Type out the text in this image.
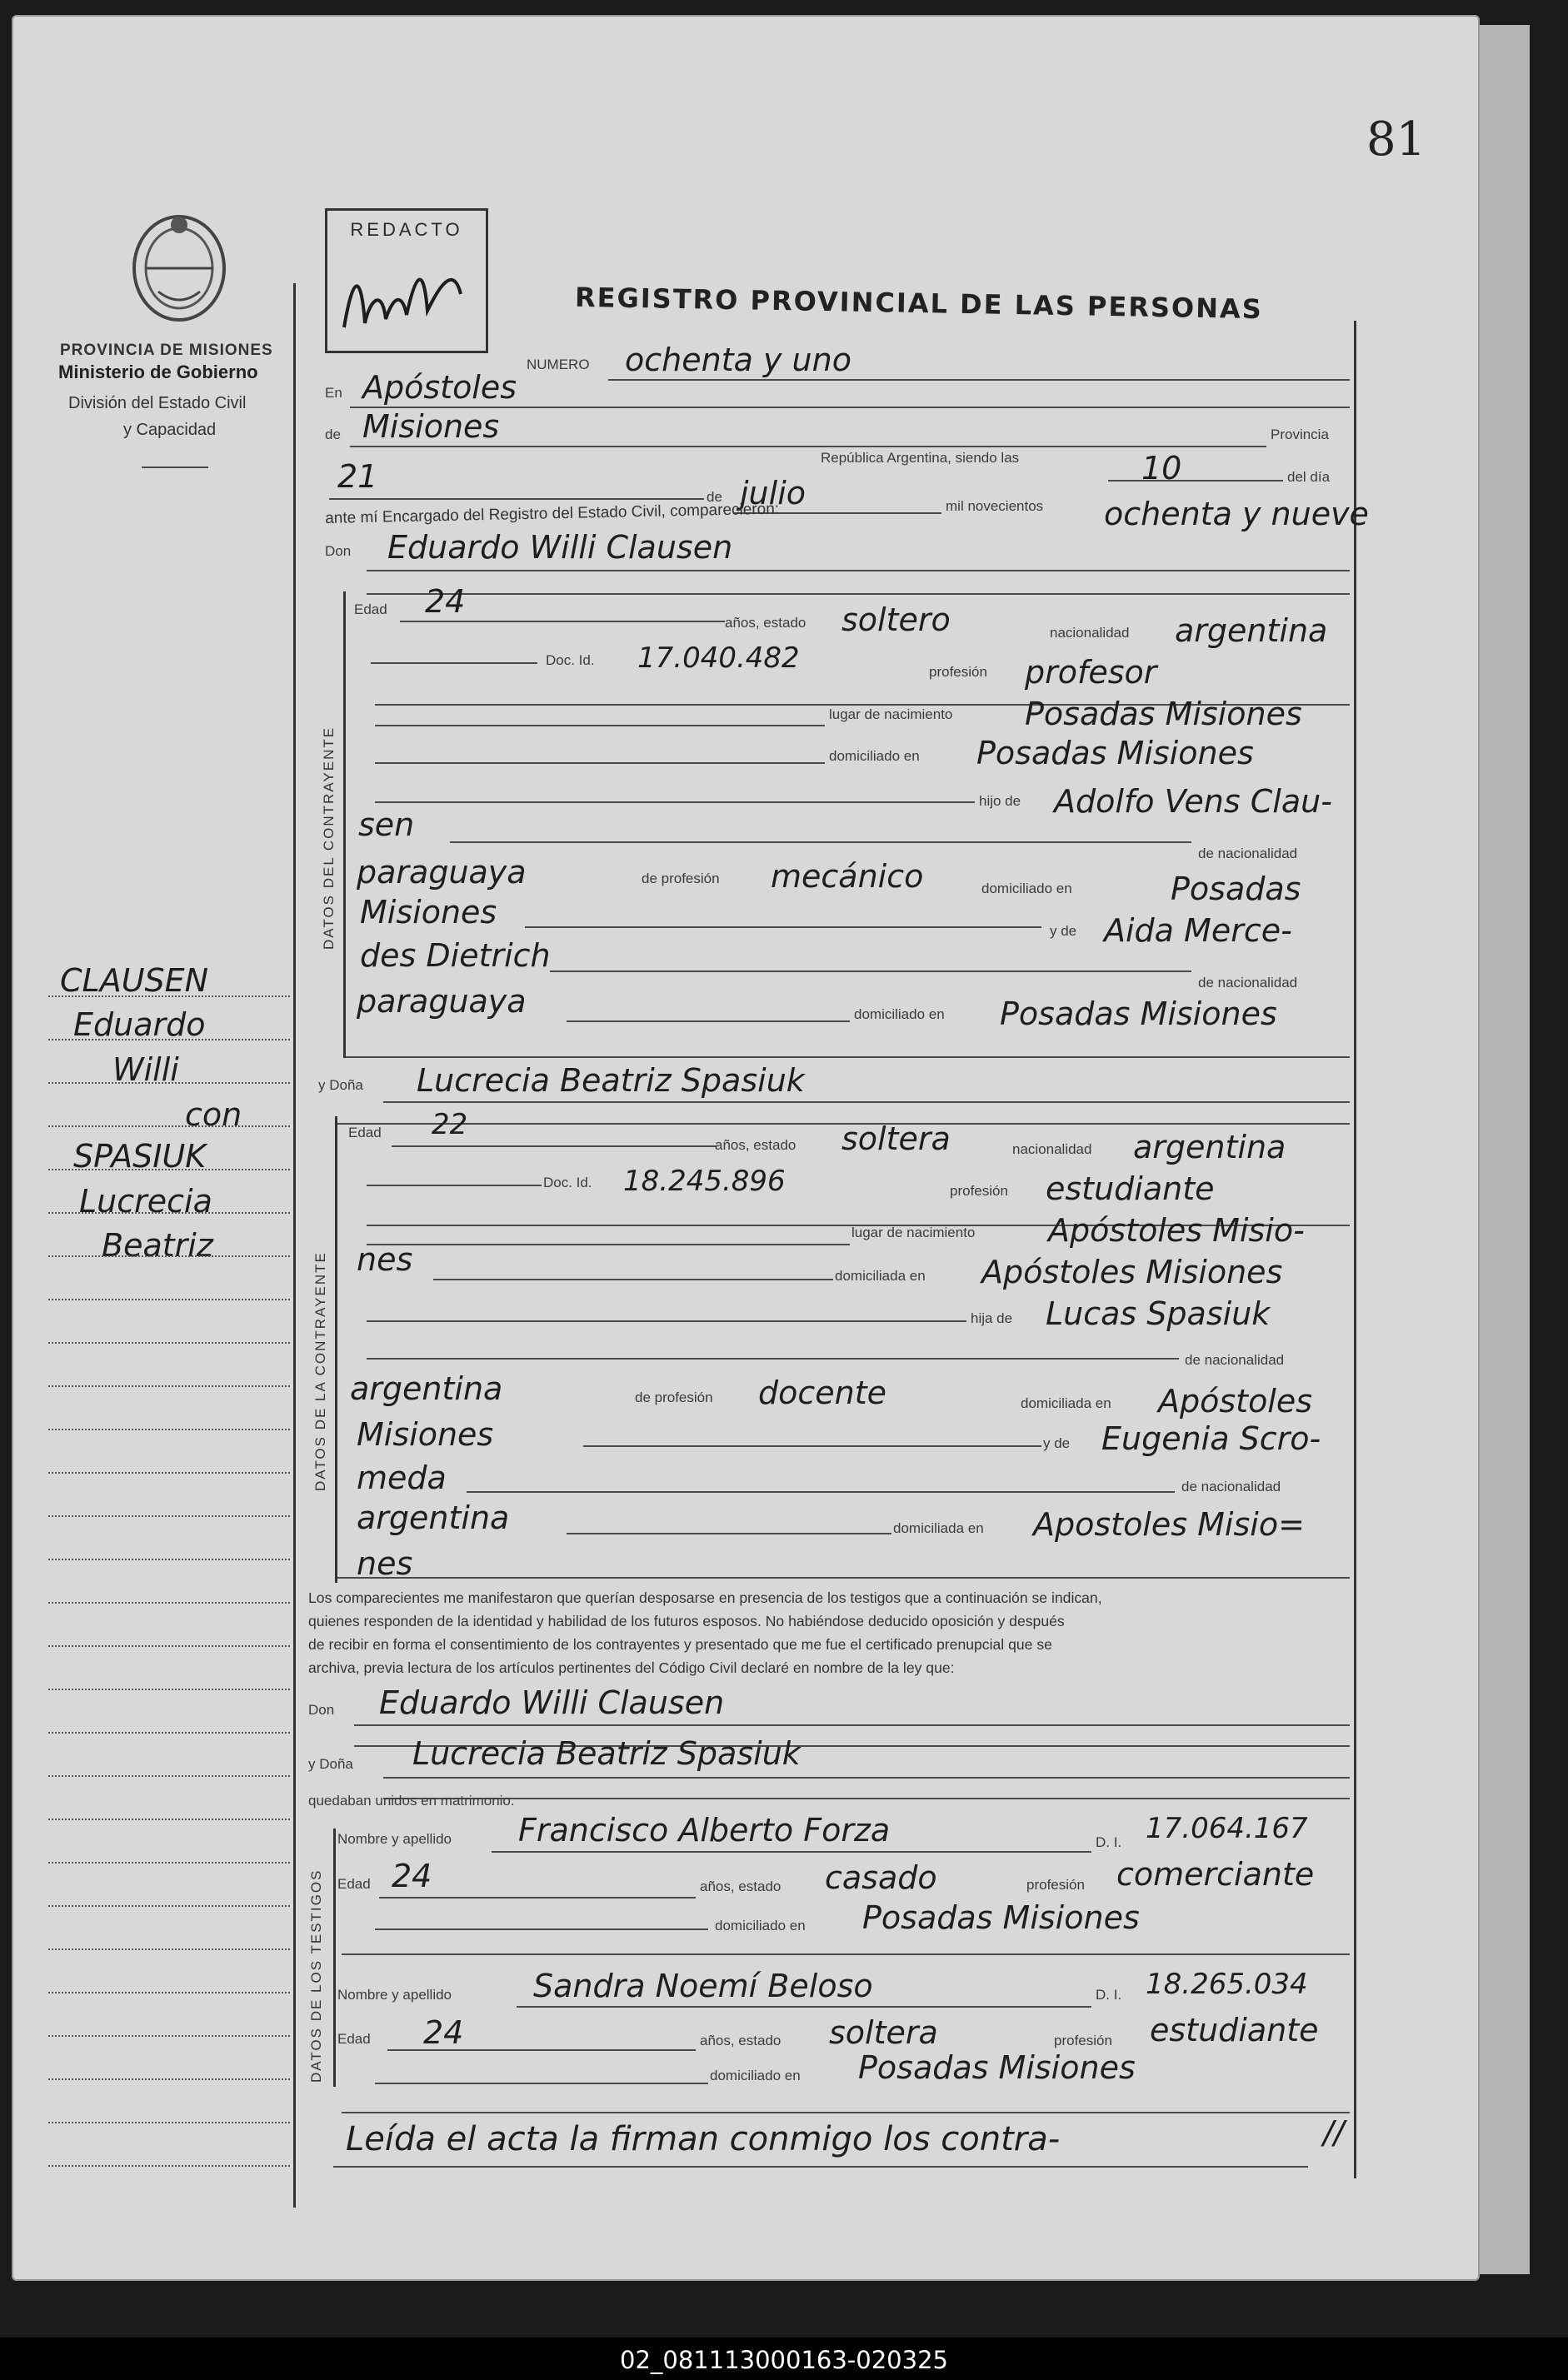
81
PROVINCIA DE MISIONES
Ministerio de Gobierno
División del Estado Civil
y Capacidad
REDACTO
REGISTRO PROVINCIAL DE LAS PERSONAS
CLAUSEN
Eduardo
Willi
con
SPASIUK
Lucrecia
Beatriz
NUMERO ochenta y uno
En Apóstoles
de Misiones	Provincia
República Argentina, siendo las	10	del día
21
de julio	mil novecientos ochenta y nueve
ante mí Encargado del Registro del Estado Civil, comparecieron:
Don Eduardo Willi Clausen
DATOS DEL CONTRAYENTE
Edad 24
años, estado soltero	nacionalidad argentina
Doc. Id. 17.040.482	profesión profesor
lugar de nacimiento Posadas Misiones
domiciliado en Posadas Misiones
hijo de Adolfo Vens Clau-
sen
de nacionalidad
paraguaya	de profesión mecánico	domiciliado en	Posadas
Misiones
y de Aida Merce-
des Dietrich
de nacionalidad
paraguaya	domiciliado en Posadas Misiones
y Doña Lucrecia Beatriz Spasiuk
DATOS DE LA CONTRAYENTE
Edad 22
años, estado soltera	nacionalidad argentina
Doc. Id. 18.245.896	profesión estudiante
lugar de nacimiento Apóstoles Misio-
nes	domiciliada en Apóstoles Misiones
hija de Lucas Spasiuk
de nacionalidad
argentina	de profesión docente	domiciliada en Apóstoles
Misiones	y de Eugenia Scro-
meda	de nacionalidad
argentina	domiciliada en Apostoles Misio=
nes
Los comparecientes me manifestaron que querían desposarse en presencia de los testigos que a continuación se indican,
quienes responden de la identidad y habilidad de los futuros esposos. No habiéndose deducido oposición y después
de recibir en forma el consentimiento de los contrayentes y presentado que me fue el certificado prenupcial que se
archiva, previa lectura de los artículos pertinentes del Código Civil declaré en nombre de la ley que:
Don Eduardo Willi Clausen
y Doña Lucrecia Beatriz Spasiuk
quedaban unidos en matrimonio.
DATOS DE LOS TESTIGOS
Nombre y apellido Francisco Alberto Forza	D. I. 17.064.167
Edad 24	años, estado casado	profesión comerciante
domiciliado en Posadas Misiones
Nombre y apellido	Sandra Noemí Beloso	D. I. 18.265.034
Edad 24	años, estado soltera	profesión estudiante
domiciliado en Posadas Misiones
Leída el acta la firman conmigo los contra-	//
02_081113000163-020325
